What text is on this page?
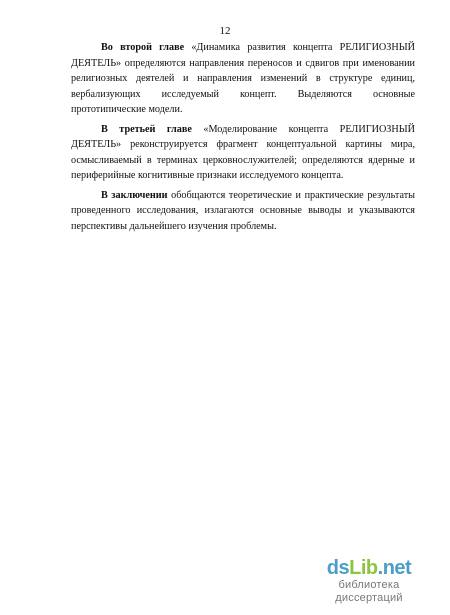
12

Во второй главе «Динамика развития концепта РЕЛИГИОЗНЫЙ ДЕЯТЕЛЬ» определяются направления переносов и сдвигов при именовании религиозных деятелей и направления изменений в структуре единиц, вербализующих исследуемый концепт. Выделяются основные прототипические модели.

В третьей главе «Моделирование концепта РЕЛИГИОЗНЫЙ ДЕЯТЕЛЬ» реконструируется фрагмент концептуальной картины мира, осмысливаемый в терминах церковнослужителей; определяются ядерные и периферийные когнитивные признаки исследуемого концепта.

В заключении обобщаются теоретические и практические результаты проведенного исследования, излагаются основные выводы и указываются перспективы дальнейшего изучения проблемы.

dsLib.net
библиотека диссертаций
